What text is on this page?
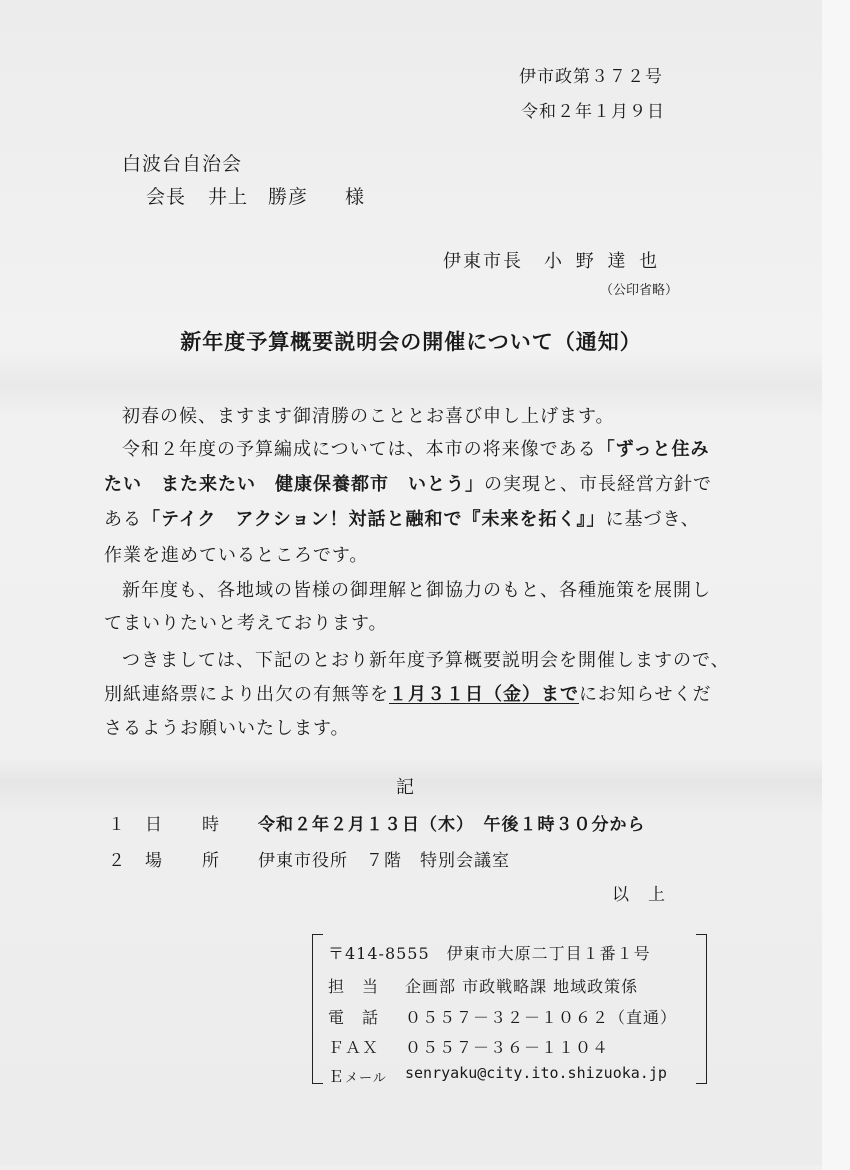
伊市政第３７２号
令和２年１月９日
白波台自治会
会長 井上　勝彦 様
伊東市長 小 野 達 也
（公印省略）
新年度予算概要説明会の開催について（通知）
初春の候、ますます御清勝のこととお喜び申し上げます。
令和２年度の予算編成については、本市の将来像である「ずっと住み
たい　また来たい　健康保養都市　いとう」の実現と、市長経営方針で
ある「テイク　アクション！対話と融和で『未来を拓く』」に基づき、
作業を進めているところです。
新年度も、各地域の皆様の御理解と御協力のもと、各種施策を展開し
てまいりたいと考えております。
つきましては、下記のとおり新年度予算概要説明会を開催しますので、
別紙連絡票により出欠の有無等を１月３１日（金）までにお知らせくだ
さるようお願いいたします。
記
１ 日 時 令和２年２月１３日（木）　午後１時３０分から
２ 場 所 伊東市役所　７階　特別会議室
以　上
〒414-8555　伊東市大原二丁目１番１号
担　当 企画部 市政戦略課 地域政策係
電　話 ０５５７－３２－１０６２（直通）
ＦＡＸ ０５５７－３６－１１０４
Ｅメール senryaku@city.ito.shizuoka.jp
